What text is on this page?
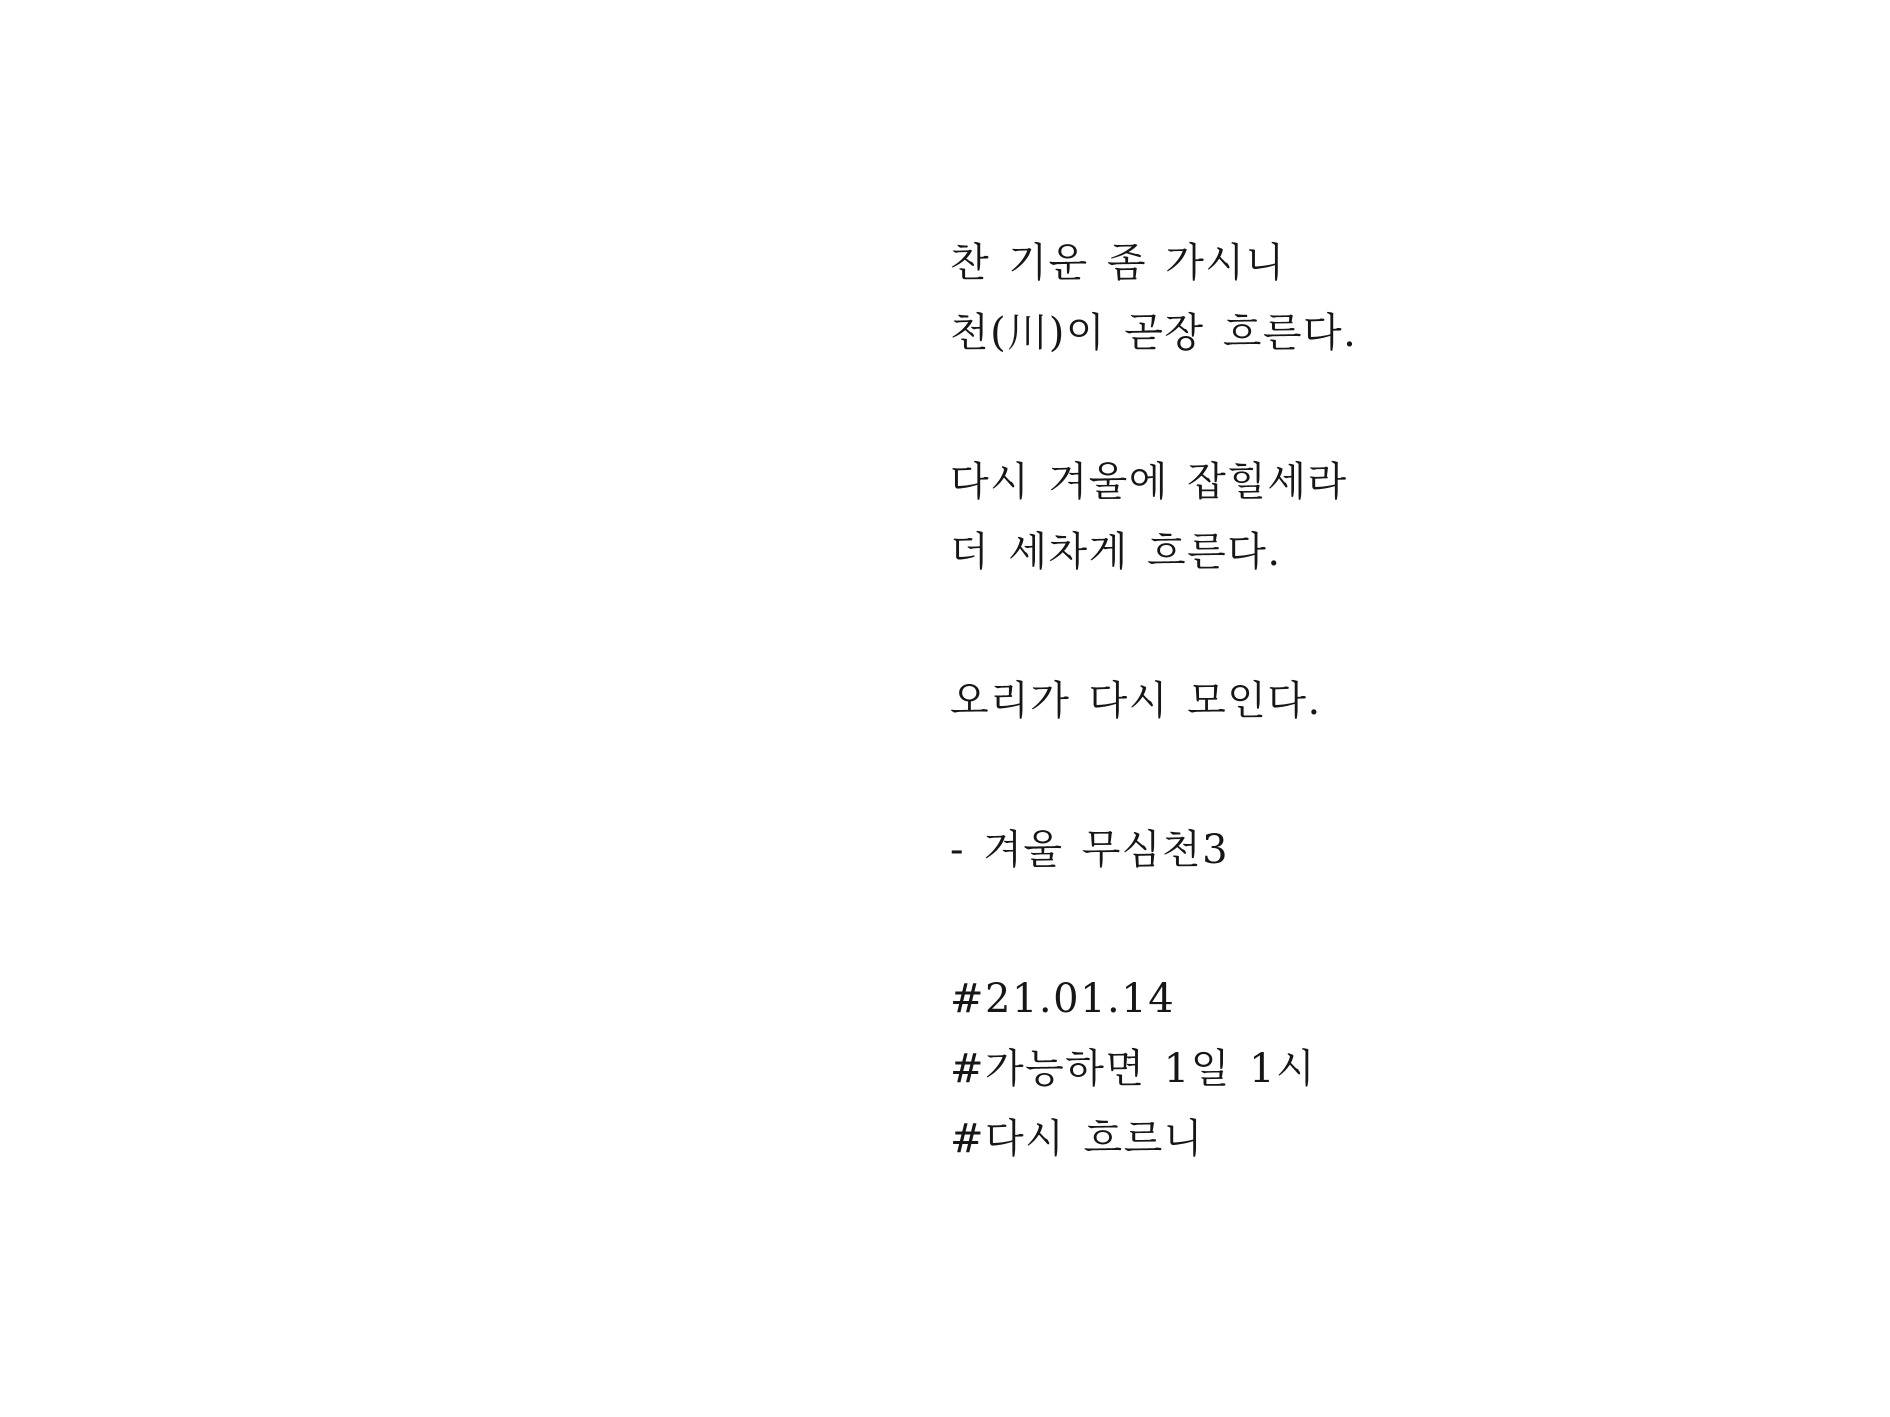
찬 기운 좀 가시니

천(川)이 곧장 흐른다.

다시 겨울에 잡힐세라

더 세차게 흐른다.

오리가 다시 모인다.

- 겨울 무심천3

#21.01.14

#가능하면 1일 1시

#다시 흐르니
